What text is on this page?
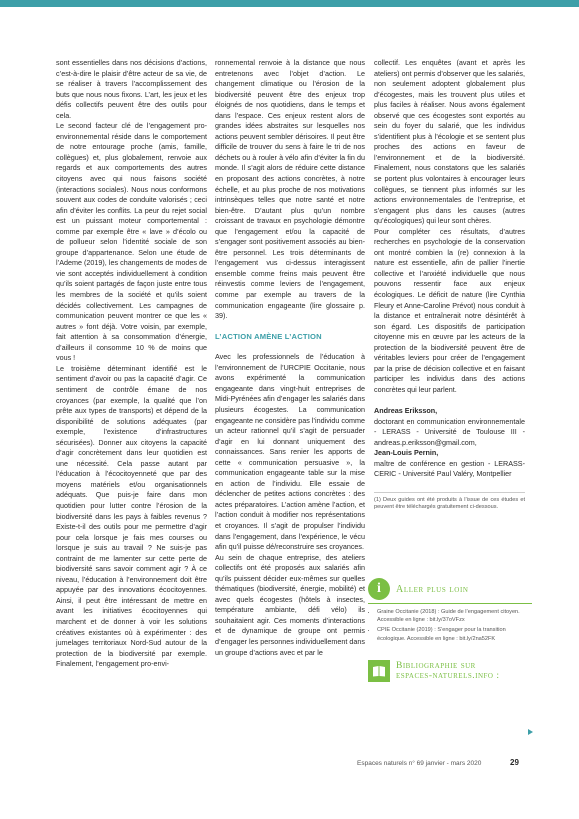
sont essentielles dans nos décisions d’actions, c’est-à-dire le plaisir d’être acteur de sa vie, de se réaliser à travers l’accomplissement des buts que nous nous fixons. L’art, les jeux et les défis collectifs peuvent être des outils pour cela.

Le second facteur clé de l’engagement pro-environnemental réside dans le comportement de notre entourage proche (amis, famille, collègues) et, plus globalement, renvoie aux regards et aux comportements des autres citoyens avec qui nous faisons société (interactions sociales). Nous nous conformons souvent aux codes de conduite valorisés ; ceci afin d’éviter les conflits. La peur du rejet social est un puissant moteur comportemental : comme par exemple être « lave » d’écolo ou de pollueur selon l’identité sociale de son groupe d’appartenance. Selon une étude de l’Ademe (2019), les changements de modes de vie sont acceptés individuellement à condition qu’ils soient partagés de façon juste entre tous les membres de la société et qu’ils soient décidés collectivement. Les campagnes de communication peuvent montrer ce que les « autres » font déjà. Votre voisin, par exemple, fait attention à sa consommation d’énergie, d’ailleurs il consomme 10 % de moins que vous !

Le troisième déterminant identifié est le sentiment d’avoir ou pas la capacité d’agir. Ce sentiment de contrôle émane de nos croyances (par exemple, la qualité que l’on prête aux types de transports) et dépend de la disponibilité de solutions adéquates (par exemple, l’existence d’infrastructures sécurisées). Donner aux citoyens la capacité d’agir concrètement dans leur quotidien est une nécessité. Cela passe autant par l’éducation à l’écocitoyenneté que par des moyens matériels et/ou organisationnels adéquats. Que puis-je faire dans mon quotidien pour lutter contre l’érosion de la biodiversité dans les pays à faibles revenus ? Existe-t-il des outils pour me permettre d’agir pour cela lorsque je fais mes courses ou lorsque je suis au travail ? Ne suis-je pas contraint de me lamenter sur cette perte de biodiversité sans savoir comment agir ? À ce niveau, l’éducation à l’environnement doit être appuyée par des innovations écocitoyennes. Ainsi, il peut être intéressant de mettre en avant les initiatives écocitoyennes qui marchent et de donner à voir les solutions créatives existantes où à expérimenter : des jumelages territoriaux Nord-Sud autour de la protection de la biodiversité par exemple. Finalement, l’engagement pro-envi-

ronnemental renvoie à la distance que nous entretenons avec l’objet d’action. Le changement climatique ou l’érosion de la biodiversité peuvent être des enjeux trop éloignés de nos quotidiens, dans le temps et dans l’espace. Ces enjeux restent alors de grandes idées abstraites sur lesquelles nos actions peuvent sembler dérisoires. Il peut être difficile de trouver du sens à faire le tri de nos déchets ou à rouler à vélo afin d’éviter la fin du monde. Il s’agit alors de réduire cette distance en proposant des actions concrètes, à notre échelle, et au plus proche de nos motivations intrinsèques telles que notre santé et notre bien-être. D’autant plus qu’un nombre croissant de travaux en psychologie démontre que l’engagement et/ou la capacité de s’engager sont positivement associés au bien-être personnel. Les trois déterminants de l’engagement vus ci-dessus interagissent ensemble comme freins mais peuvent être réinvestis comme leviers de l’engagement, comme par exemple au travers de la communication engageante (lire glossaire p. 39).

L’ACTION AMÈNE L’ACTION

Avec les professionnels de l’éducation à l’environnement de l’URCPIE Occitanie, nous avons expérimenté la communication engageante dans vingt-huit entreprises de Midi-Pyrénées afin d’engager les salariés dans plusieurs écogestes. La communication engageante ne considère pas l’individu comme un acteur rationnel qu’il s’agit de persuader d’agir en lui donnant uniquement des connaissances. Sans renier les apports de cette « communication persuasive », la communication engageante table sur la mise en action de l’individu. Elle essaie de déclencher de petites actions concrètes : des actes préparatoires. L’action amène l’action, et l’action conduit à modifier nos représentations et croyances. Il s’agit de propulser l’individu dans l’engagement, dans l’expérience, le vécu afin qu’il puisse dé/reconstruire ses croyances.

Au sein de chaque entreprise, des ateliers collectifs ont été proposés aux salariés afin qu’ils puissent décider eux-mêmes sur quelles thématiques (biodiversité, énergie, mobilité) et avec quels écogestes (hôtels à insectes, température ambiante, défi vélo) ils souhaitaient agir. Ces moments d’interactions et de dynamique de groupe ont permis d’engager les personnes individuellement dans un groupe d’actions avec et par le

collectif. Les enquêtes (avant et après les ateliers) ont permis d’observer que les salariés, non seulement adoptent globalement plus d’écogestes, mais les trouvent plus utiles et plus faciles à réaliser. Nous avons également observé que ces écogestes sont exportés au sein du foyer du salarié, que les individus s’identifient plus à l’écologie et se sentent plus proches des actions en faveur de l’environnement et de la biodiversité. Finalement, nous constatons que les salariés se portent plus volontaires à encourager leurs collègues, se tiennent plus informés sur les actions environnementales de l’entreprise, et s’engagent plus dans les causes (autres qu’écologiques) qui leur sont chères.

Pour compléter ces résultats, d’autres recherches en psychologie de la conservation ont montré combien la (re) connexion à la nature est essentielle, afin de pallier l’inertie collective et l’anxiété individuelle que nous pouvons ressentir face aux enjeux écologiques. Le déficit de nature (lire Cynthia Fleury et Anne-Caroline Prévot) nous conduit à la distance et entraînerait notre désintérêt à son égard. Les dispositifs de participation citoyenne mis en œuvre par les acteurs de la protection de la biodiversité peuvent être de véritables leviers pour créer de l’engagement par la prise de décision collective et en faisant participer les individus dans des actions concrètes qui leur parlent.

Andreas Eriksson,
doctorant en communication environnementale - LERASS - Université de Toulouse III - andreas.p.eriksson@gmail.com,
Jean-Louis Pernin,
maître de conférence en gestion - LERASS-CERIC - Université Paul Valéry, Montpellier

(1) Deux guides ont été produits à l’issue de ces études et peuvent être téléchargés gratuitement ci-dessous.

i	Aller plus loin
• Graine Occitanie (2018) : Guide de l’engagement citoyen. Accessible en ligne : bit.ly/37oVFzx
• CPIE Occitanie (2019) : S’engager pour la transition écologique. Accessible en ligne : bit.ly/2na52FK
Bibliographie sur
espaces-naturels.info :
Espaces naturels n° 69 janvier - mars 2020	29
